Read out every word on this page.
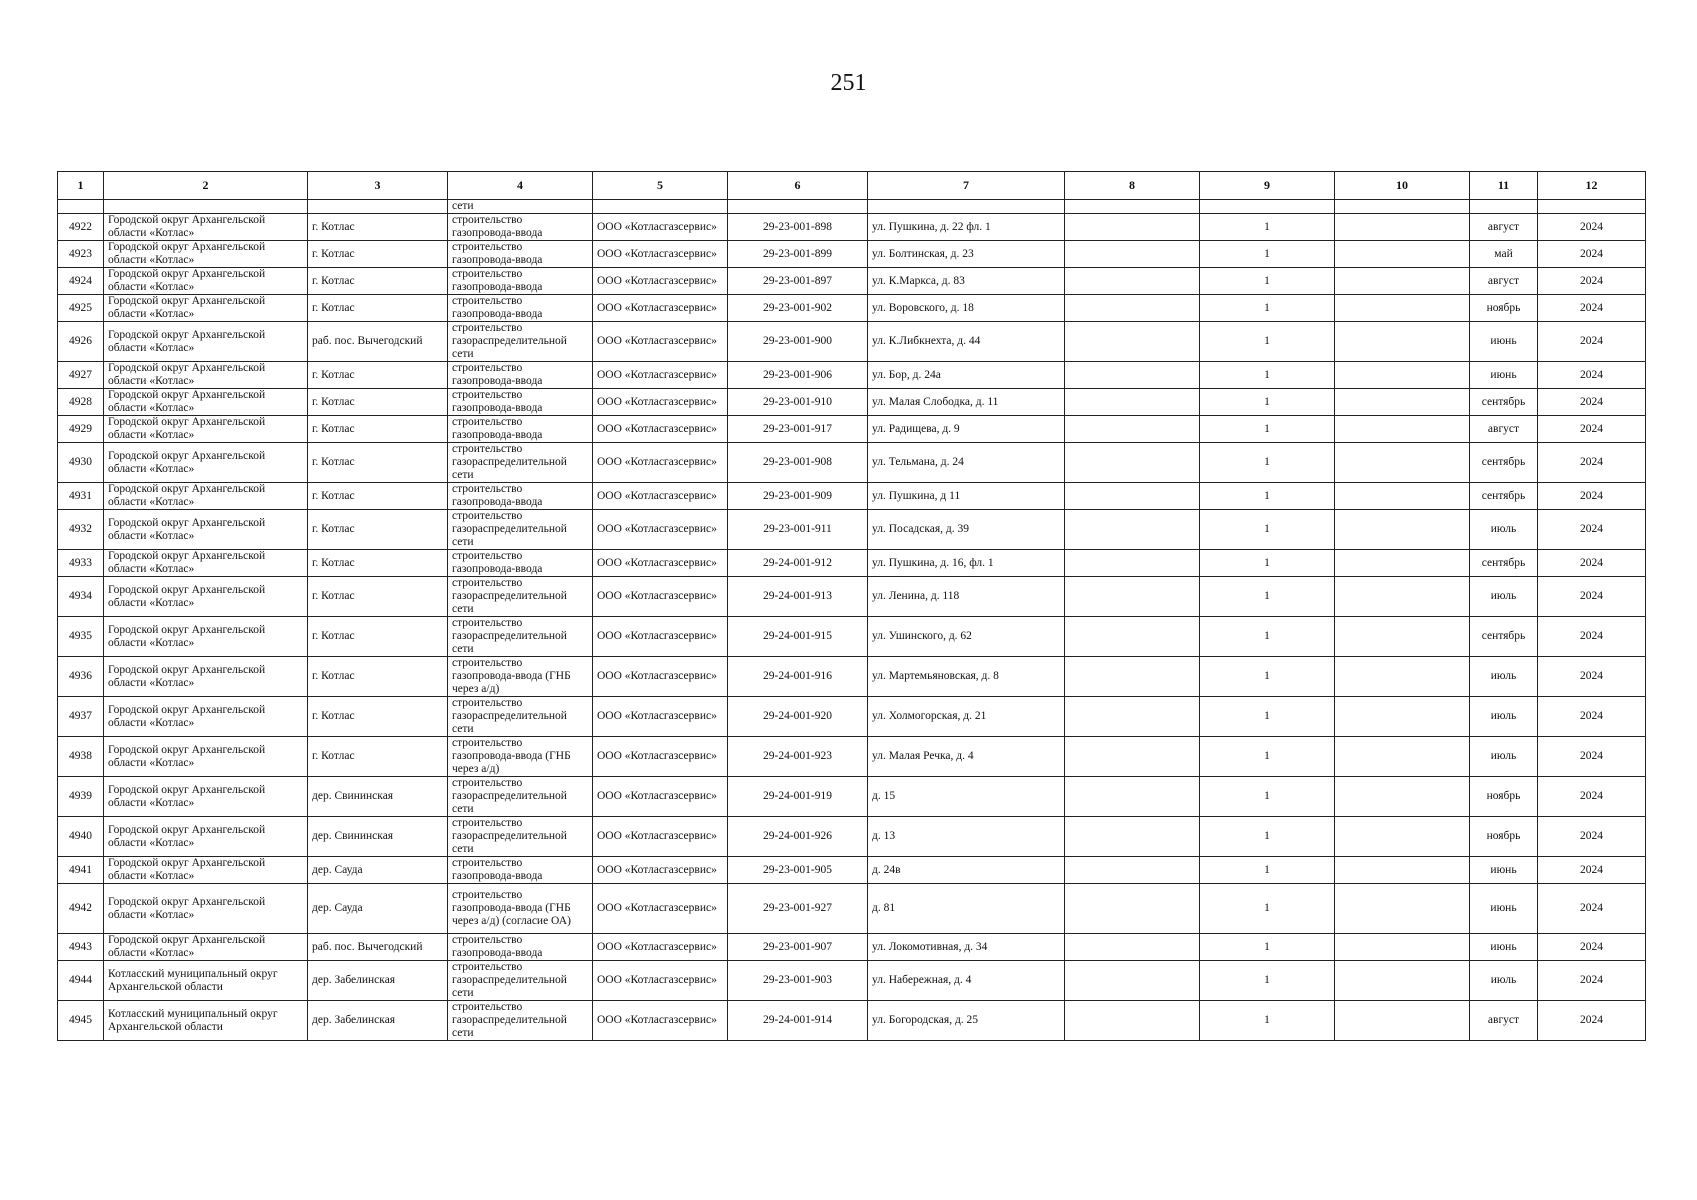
251
1	2	3	4	5	6	7	8	9	10	11	12
			сети								
4922	Городской округ Архангельской области «Котлас»	г. Котлас	строительство газопровода-ввода	ООО «Котласгазсервис»	29-23-001-898	ул. Пушкина, д. 22 фл. 1		1		август	2024
4923	Городской округ Архангельской области «Котлас»	г. Котлас	строительство газопровода-ввода	ООО «Котласгазсервис»	29-23-001-899	ул. Болтинская, д. 23		1		май	2024
4924	Городской округ Архангельской области «Котлас»	г. Котлас	строительство газопровода-ввода	ООО «Котласгазсервис»	29-23-001-897	ул. К.Маркса, д. 83		1		август	2024
4925	Городской округ Архангельской области «Котлас»	г. Котлас	строительство газопровода-ввода	ООО «Котласгазсервис»	29-23-001-902	ул. Воровского, д. 18		1		ноябрь	2024
4926	Городской округ Архангельской области «Котлас»	раб. пос. Вычегодский	строительство газораспределительной сети	ООО «Котласгазсервис»	29-23-001-900	ул. К.Либкнехта, д. 44		1		июнь	2024
4927	Городской округ Архангельской области «Котлас»	г. Котлас	строительство газопровода-ввода	ООО «Котласгазсервис»	29-23-001-906	ул. Бор, д. 24а		1		июнь	2024
4928	Городской округ Архангельской области «Котлас»	г. Котлас	строительство газопровода-ввода	ООО «Котласгазсервис»	29-23-001-910	ул. Малая Слободка, д. 11		1		сентябрь	2024
4929	Городской округ Архангельской области «Котлас»	г. Котлас	строительство газопровода-ввода	ООО «Котласгазсервис»	29-23-001-917	ул. Радищева, д. 9		1		август	2024
4930	Городской округ Архангельской области «Котлас»	г. Котлас	строительство газораспределительной сети	ООО «Котласгазсервис»	29-23-001-908	ул. Тельмана, д. 24		1		сентябрь	2024
4931	Городской округ Архангельской области «Котлас»	г. Котлас	строительство газопровода-ввода	ООО «Котласгазсервис»	29-23-001-909	ул. Пушкина, д 11		1		сентябрь	2024
4932	Городской округ Архангельской области «Котлас»	г. Котлас	строительство газораспределительной сети	ООО «Котласгазсервис»	29-23-001-911	ул. Посадская, д. 39		1		июль	2024
4933	Городской округ Архангельской области «Котлас»	г. Котлас	строительство газопровода-ввода	ООО «Котласгазсервис»	29-24-001-912	ул. Пушкина, д. 16, фл. 1		1		сентябрь	2024
4934	Городской округ Архангельской области «Котлас»	г. Котлас	строительство газораспределительной сети	ООО «Котласгазсервис»	29-24-001-913	ул. Ленина, д. 118		1		июль	2024
4935	Городской округ Архангельской области «Котлас»	г. Котлас	строительство газораспределительной сети	ООО «Котласгазсервис»	29-24-001-915	ул. Ушинского, д. 62		1		сентябрь	2024
4936	Городской округ Архангельской области «Котлас»	г. Котлас	строительство газопровода-ввода (ГНБ через а/д)	ООО «Котласгазсервис»	29-24-001-916	ул. Мартемьяновская, д. 8		1		июль	2024
4937	Городской округ Архангельской области «Котлас»	г. Котлас	строительство газораспределительной сети	ООО «Котласгазсервис»	29-24-001-920	ул. Холмогорская, д. 21		1		июль	2024
4938	Городской округ Архангельской области «Котлас»	г. Котлас	строительство газопровода-ввода (ГНБ через а/д)	ООО «Котласгазсервис»	29-24-001-923	ул. Малая Речка, д. 4		1		июль	2024
4939	Городской округ Архангельской области «Котлас»	дер. Свининская	строительство газораспределительной сети	ООО «Котласгазсервис»	29-24-001-919	д. 15		1		ноябрь	2024
4940	Городской округ Архангельской области «Котлас»	дер. Свининская	строительство газораспределительной сети	ООО «Котласгазсервис»	29-24-001-926	д. 13		1		ноябрь	2024
4941	Городской округ Архангельской области «Котлас»	дер. Сауда	строительство газопровода-ввода	ООО «Котласгазсервис»	29-23-001-905	д. 24в		1		июнь	2024
4942	Городской округ Архангельской области «Котлас»	дер. Сауда	строительство газопровода-ввода (ГНБ через а/д) (согласие ОА)	ООО «Котласгазсервис»	29-23-001-927	д. 81		1		июнь	2024
4943	Городской округ Архангельской области «Котлас»	раб. пос. Вычегодский	строительство газопровода-ввода	ООО «Котласгазсервис»	29-23-001-907	ул. Локомотивная, д. 34		1		июнь	2024
4944	Котласский муниципальный округ Архангельской области	дер. Забелинская	строительство газораспределительной сети	ООО «Котласгазсервис»	29-23-001-903	ул. Набережная, д. 4		1		июль	2024
4945	Котласский муниципальный округ Архангельской области	дер. Забелинская	строительство газораспределительной сети	ООО «Котласгазсервис»	29-24-001-914	ул. Богородская, д. 25		1		август	2024
